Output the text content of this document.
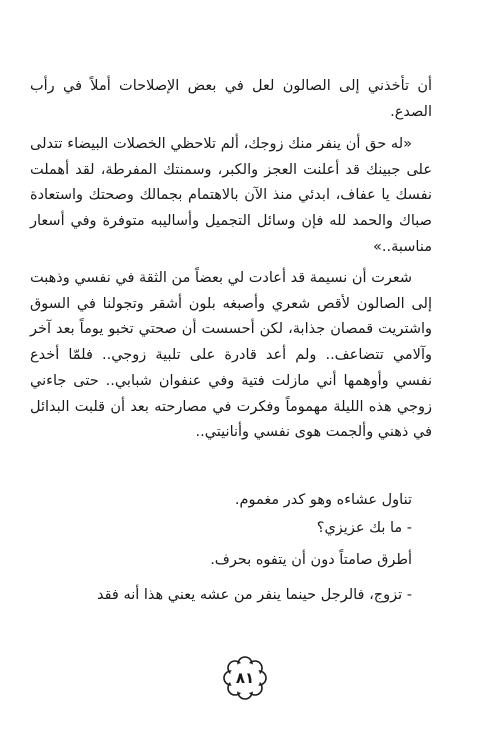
أن تأخذني إلى الصالون لعل في بعض الإصلاحات أملاً في رأب الصدع.

«له حق أن ينفر منك زوجك، ألم تلاحظي الخصلات البيضاء تتدلى على جبينك قد أعلنت العجز والكبر، وسمنتك المفرطة، لقد أهملت نفسك يا عفاف، ابدئي منذ الآن بالاهتمام بجمالك وصحتك واستعادة صباك والحمد لله فإن وسائل التجميل وأساليبه متوفرة وفي أسعار مناسبة..»

شعرت أن نسيمة قد أعادت لي بعضاً من الثقة في نفسي وذهبت إلى الصالون لأقص شعري وأصبغه بلون أشقر وتجولنا في السوق واشتريت قمصان جذابة، لكن أحسست أن صحتي تخبو يوماً بعد آخر وآلامي تتضاعف.. ولم أعد قادرة على تلبية زوجي.. فلمّا أخدع نفسي وأوهمها أني مازلت فتية وفي عنفوان شبابي.. حتى جاءني زوجي هذه الليلة مهموماً وفكرت في مصارحته بعد أن قلبت البدائل في ذهني وألجمت هوى نفسي وأنانيتي..

تناول عشاءه وهو كدر مغموم.

- ما بك عزيزي؟

أطرق صامتاً دون أن يتفوه بحرف.

- تزوج، فالرجل حينما ينفر من عشه يعني هذا أنه فقد

٨١
